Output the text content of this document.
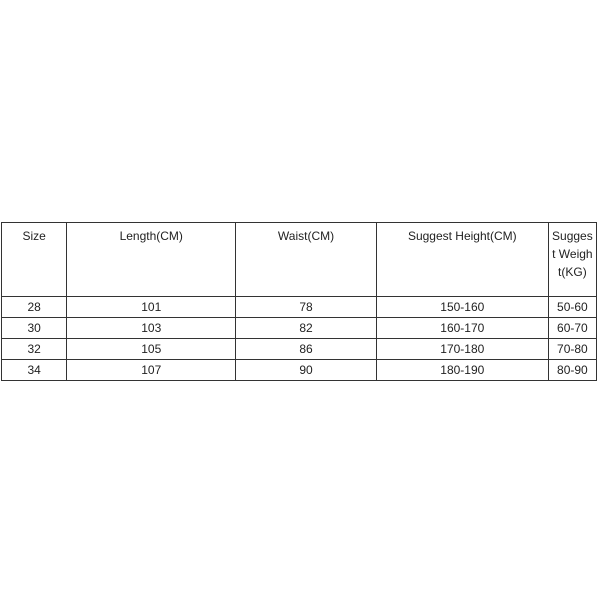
Size	Length(CM)	Waist(CM)	Suggest Height(CM)	Suggest Weight(KG)
28	101	78	150-160	50-60
30	103	82	160-170	60-70
32	105	86	170-180	70-80
34	107	90	180-190	80-90
